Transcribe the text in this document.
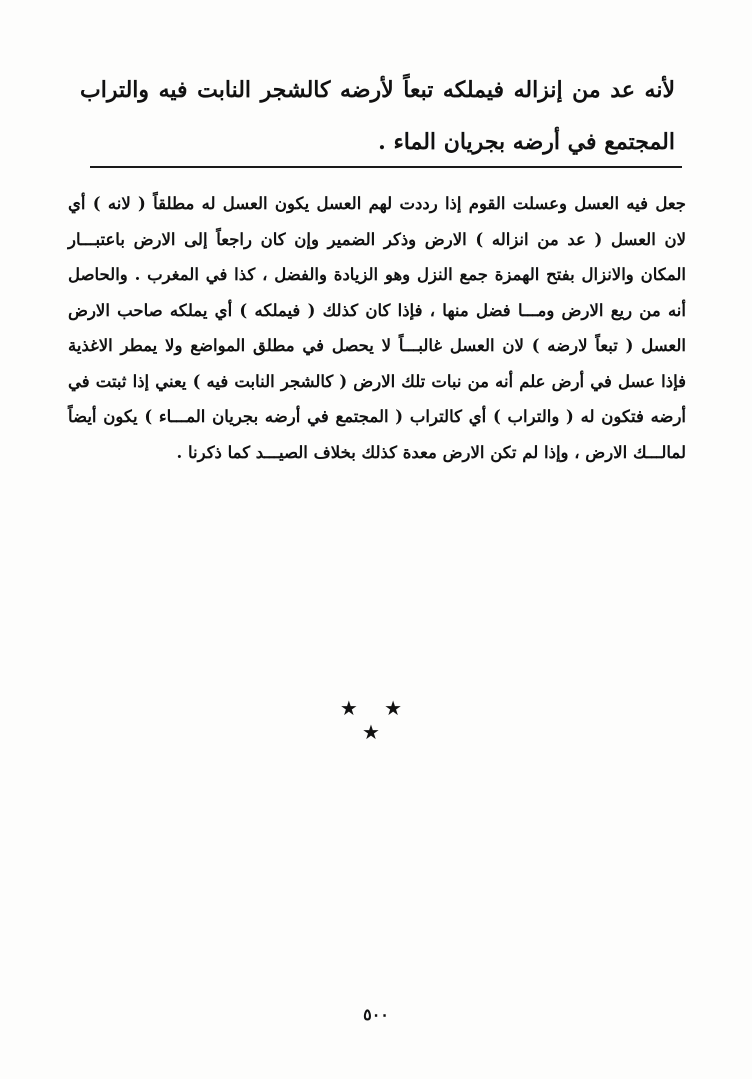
لأنه عد من إنزاله فيملكه تبعاً لأرضه كالشجر النابت فيه والتراب المجتمع في أرضه بجريان الماء .
جعل فيه العسل وعسلت القوم إذا رددت لهم العسل يكون العسل له مطلقاً ( لانه ) أي لان العسل ( عد من انزاله ) الارض وذكر الضمير وإن كان راجعاً إلى الارض باعتبـــار المكان والانزال بفتح الهمزة جمع النزل وهو الزيادة والفضل ، كذا في المغرب . والحاصل أنه من ريع الارض ومـــا فضل منها ، فإذا كان كذلك ( فيملكه ) أي يملكه صاحب الارض العسل ( تبعاً لارضه ) لان العسل غالبـــاً لا يحصل في مطلق المواضع ولا يمطر الاغذية فإذا عسل في أرض علم أنه من نبات تلك الارض ( كالشجر النابت فيه ) يعني إذا ثبتت في أرضه فتكون له ( والتراب ) أي كالتراب ( المجتمع في أرضه بجريان المـــاء ) يكون أيضاً لمالـــك الارض ، وإذا لم تكن الارض معدة كذلك بخلاف الصيـــد كما ذكرنا .
★ ★ ★
٥٠٠
